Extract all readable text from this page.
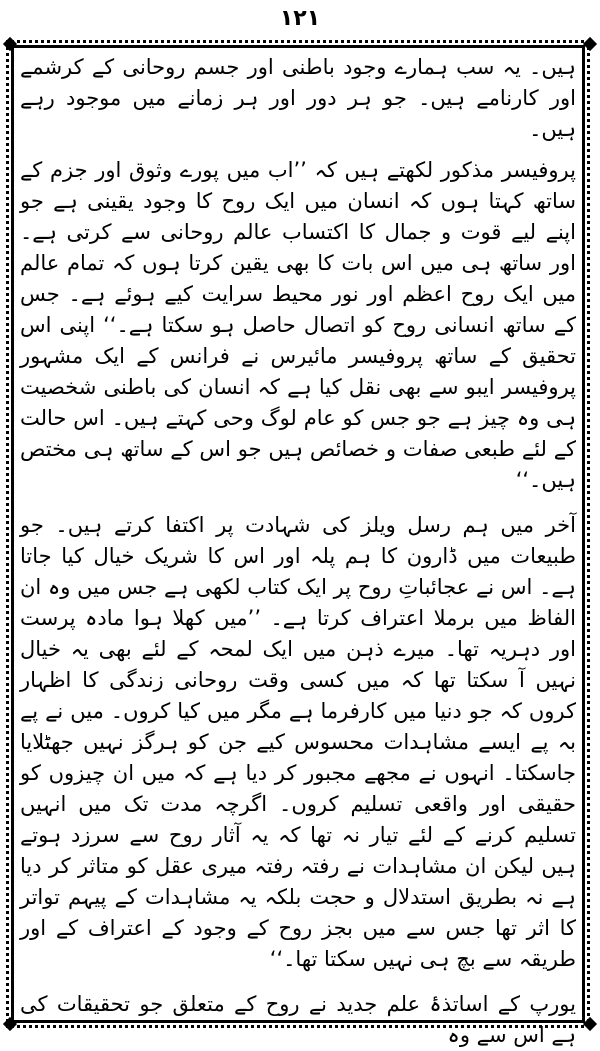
۱۲۱

ہیں۔ یہ سب ہمارے وجود باطنی اور جسم روحانی کے کرشمے اور کارنامے ہیں۔ جو ہر دور اور ہر زمانے میں موجود رہے ہیں۔

پروفیسر مذکور لکھتے ہیں کہ ’’اب میں پورے وثوق اور جزم کے ساتھ کہتا ہوں کہ انسان میں ایک روح کا وجود یقینی ہے جو اپنے لیے قوت و جمال کا اکتساب عالم روحانی سے کرتی ہے۔ اور ساتھ ہی میں اس بات کا بھی یقین کرتا ہوں کہ تمام عالم میں ایک روح اعظم اور نور محیط سرایت کیے ہوئے ہے۔ جس کے ساتھ انسانی روح کو اتصال حاصل ہو سکتا ہے۔‘‘ اپنی اس تحقیق کے ساتھ پروفیسر مائیرس نے فرانس کے ایک مشہور پروفیسر ایبو سے بھی نقل کیا ہے کہ انسان کی باطنی شخصیت ہی وہ چیز ہے جو جس کو عام لوگ وحی کہتے ہیں۔ اس حالت کے لئے طبعی صفات و خصائص ہیں جو اس کے ساتھ ہی مختص ہیں۔‘‘

آخر میں ہم رسل ویلز کی شہادت پر اکتفا کرتے ہیں۔ جو طبیعات میں ڈارون کا ہم پلہ اور اس کا شریک خیال کیا جاتا ہے۔ اس نے عجائباتِ روح پر ایک کتاب لکھی ہے جس میں وہ ان الفاظ میں برملا اعتراف کرتا ہے۔ ’’میں کھلا ہوا مادہ پرست اور دہریہ تھا۔ میرے ذہن میں ایک لمحہ کے لئے بھی یہ خیال نہیں آ سکتا تھا کہ میں کسی وقت روحانی زندگی کا اظہار کروں کہ جو دنیا میں کارفرما ہے مگر میں کیا کروں۔ میں نے پے بہ پے ایسے مشاہدات محسوس کیے جن کو ہرگز نہیں جھٹلایا جاسکتا۔ انہوں نے مجھے مجبور کر دیا ہے کہ میں ان چیزوں کو حقیقی اور واقعی تسلیم کروں۔ اگرچہ مدت تک میں انہیں تسلیم کرنے کے لئے تیار نہ تھا کہ یہ آثار روح سے سرزد ہوتے ہیں لیکن ان مشاہدات نے رفتہ رفتہ میری عقل کو متاثر کر دیا ہے نہ بطریق استدلال و حجت بلکہ یہ مشاہدات کے پیہم تواتر کا اثر تھا جس سے میں بجز روح کے وجود کے اعتراف کے اور طریقہ سے بچ ہی نہیں سکتا تھا۔‘‘

یورپ کے اساتذۂ علم جدید نے روح کے متعلق جو تحقیقات کی ہے اس سے وہ
